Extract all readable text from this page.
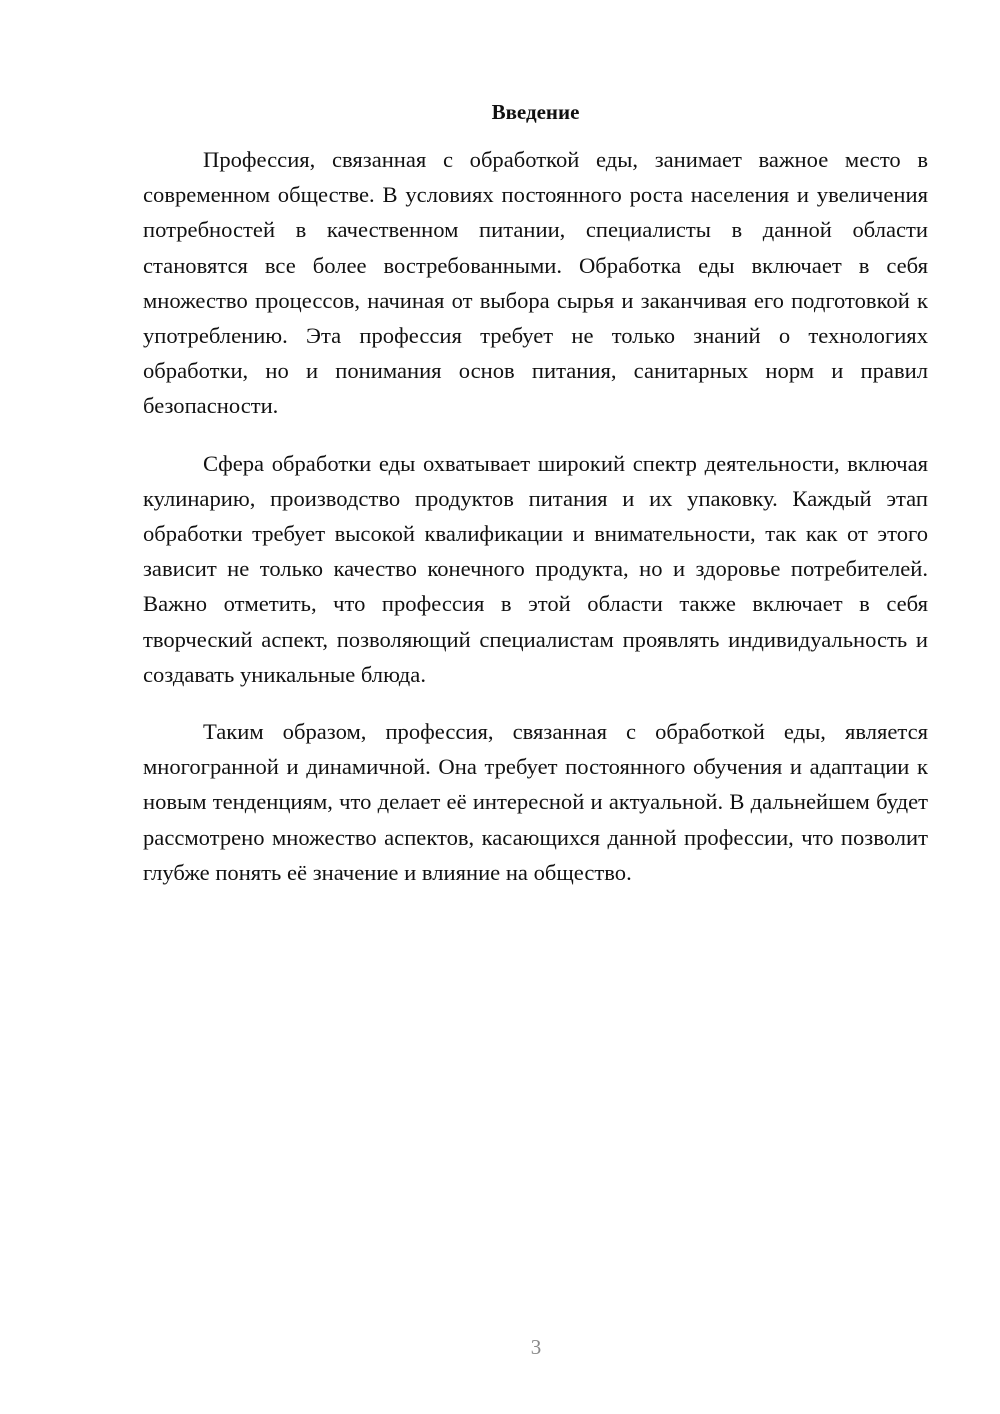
Введение

Профессия, связанная с обработкой еды, занимает важное место в современном обществе. В условиях постоянного роста населения и увеличения потребностей в качественном питании, специалисты в данной области становятся все более востребованными. Обработка еды включает в себя множество процессов, начиная от выбора сырья и заканчивая его подготовкой к употреблению. Эта профессия требует не только знаний о технологиях обработки, но и понимания основ питания, санитарных норм и правил безопасности.

Сфера обработки еды охватывает широкий спектр деятельности, включая кулинарию, производство продуктов питания и их упаковку. Каждый этап обработки требует высокой квалификации и внимательности, так как от этого зависит не только качество конечного продукта, но и здоровье потребителей. Важно отметить, что профессия в этой области также включает в себя творческий аспект, позволяющий специалистам проявлять индивидуальность и создавать уникальные блюда.

Таким образом, профессия, связанная с обработкой еды, является многогранной и динамичной. Она требует постоянного обучения и адаптации к новым тенденциям, что делает её интересной и актуальной. В дальнейшем будет рассмотрено множество аспектов, касающихся данной профессии, что позволит глубже понять её значение и влияние на общество.

3
